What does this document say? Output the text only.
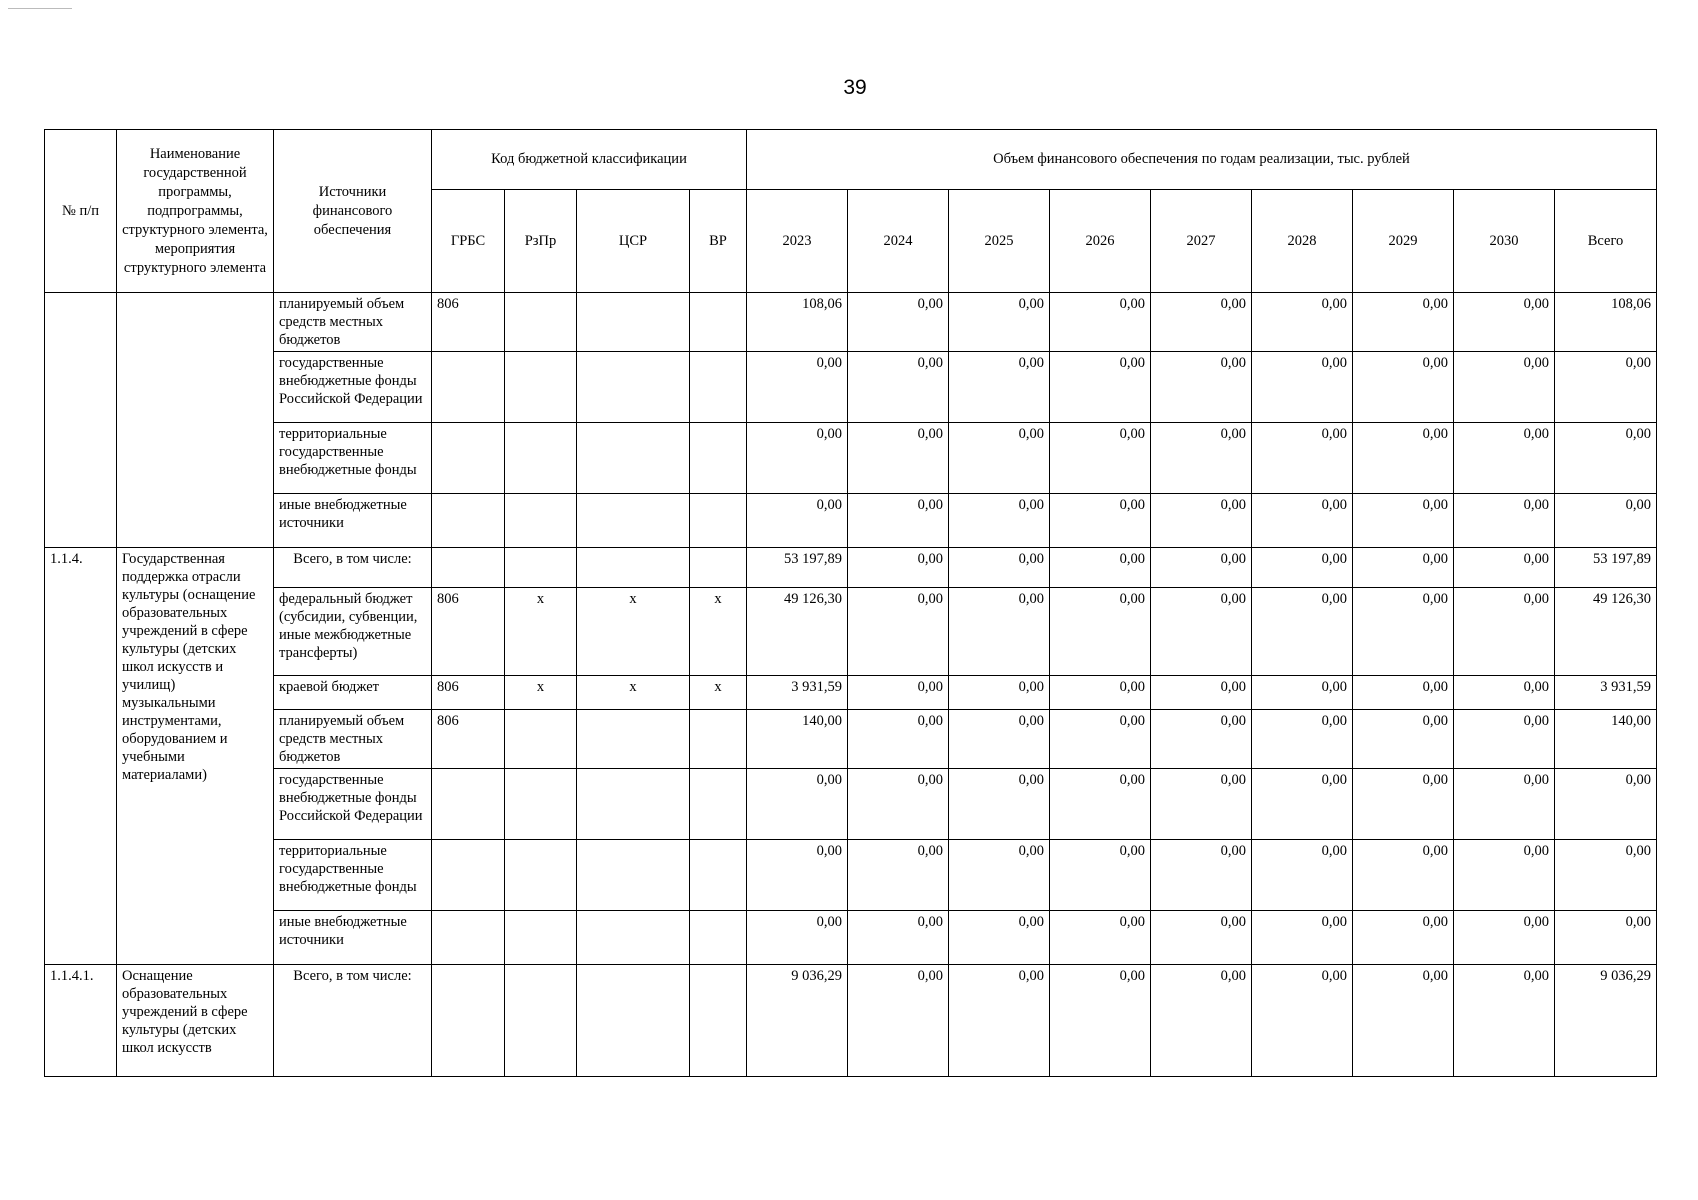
39
№ п/п	Наименование государственной программы, подпрограммы, структурного элемента, мероприятия структурного элемента	Источники финансового обеспечения	Код бюджетной классификации				Объем финансового обеспечения по годам реализации, тыс. рублей								
			ГРБС	РзПр	ЦСР	ВР	2023	2024	2025	2026	2027	2028	2029	2030	Всего
		планируемый объем средств местных бюджетов	806				108,06	0,00	0,00	0,00	0,00	0,00	0,00	0,00	108,06
		государственные внебюджетные фонды Российской Федерации					0,00	0,00	0,00	0,00	0,00	0,00	0,00	0,00	0,00
		территориальные государственные внебюджетные фонды					0,00	0,00	0,00	0,00	0,00	0,00	0,00	0,00	0,00
		иные внебюджетные источники					0,00	0,00	0,00	0,00	0,00	0,00	0,00	0,00	0,00
1.1.4.	Государственная поддержка отрасли культуры (оснащение образовательных учреждений в сфере культуры (детских школ искусств и училищ) музыкальными инструментами, оборудованием и учебными материалами)	Всего, в том числе:					53 197,89	0,00	0,00	0,00	0,00	0,00	0,00	0,00	53 197,89
		федеральный бюджет (субсидии, субвенции, иные межбюджетные трансферты)	806	х	х	х	49 126,30	0,00	0,00	0,00	0,00	0,00	0,00	0,00	49 126,30
		краевой бюджет	806	х	х	х	3 931,59	0,00	0,00	0,00	0,00	0,00	0,00	0,00	3 931,59
		планируемый объем средств местных бюджетов	806				140,00	0,00	0,00	0,00	0,00	0,00	0,00	0,00	140,00
		государственные внебюджетные фонды Российской Федерации					0,00	0,00	0,00	0,00	0,00	0,00	0,00	0,00	0,00
		территориальные государственные внебюджетные фонды					0,00	0,00	0,00	0,00	0,00	0,00	0,00	0,00	0,00
		иные внебюджетные источники					0,00	0,00	0,00	0,00	0,00	0,00	0,00	0,00	0,00
1.1.4.1.	Оснащение образовательных учреждений в сфере культуры (детских школ искусств	Всего, в том числе:					9 036,29	0,00	0,00	0,00	0,00	0,00	0,00	0,00	9 036,29
